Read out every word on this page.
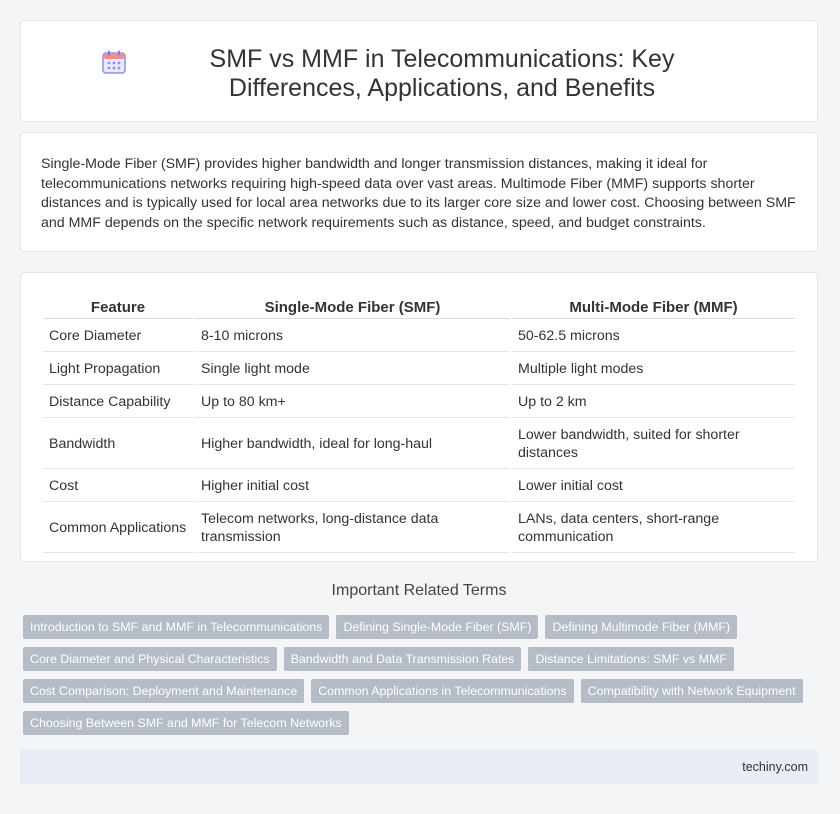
SMF vs MMF in Telecommunications: Key Differences, Applications, and Benefits

Single-Mode Fiber (SMF) provides higher bandwidth and longer transmission distances, making it ideal for telecommunications networks requiring high-speed data over vast areas. Multimode Fiber (MMF) supports shorter distances and is typically used for local area networks due to its larger core size and lower cost. Choosing between SMF and MMF depends on the specific network requirements such as distance, speed, and budget constraints.

Feature	Single-Mode Fiber (SMF)	Multi-Mode Fiber (MMF)
Core Diameter	8-10 microns	50-62.5 microns
Light Propagation	Single light mode	Multiple light modes
Distance Capability	Up to 80 km+	Up to 2 km
Bandwidth	Higher bandwidth, ideal for long-haul	Lower bandwidth, suited for shorter distances
Cost	Higher initial cost	Lower initial cost
Common Applications	Telecom networks, long-distance data transmission	LANs, data centers, short-range communication
Important Related Terms
Introduction to SMF and MMF in Telecommunications	Defining Single-Mode Fiber (SMF)	Defining Multimode Fiber (MMF)
Core Diameter and Physical Characteristics	Bandwidth and Data Transmission Rates	Distance Limitations: SMF vs MMF
Cost Comparison: Deployment and Maintenance	Common Applications in Telecommunications	Compatibility with Network Equipment
Choosing Between SMF and MMF for Telecom Networks
techiny.com
